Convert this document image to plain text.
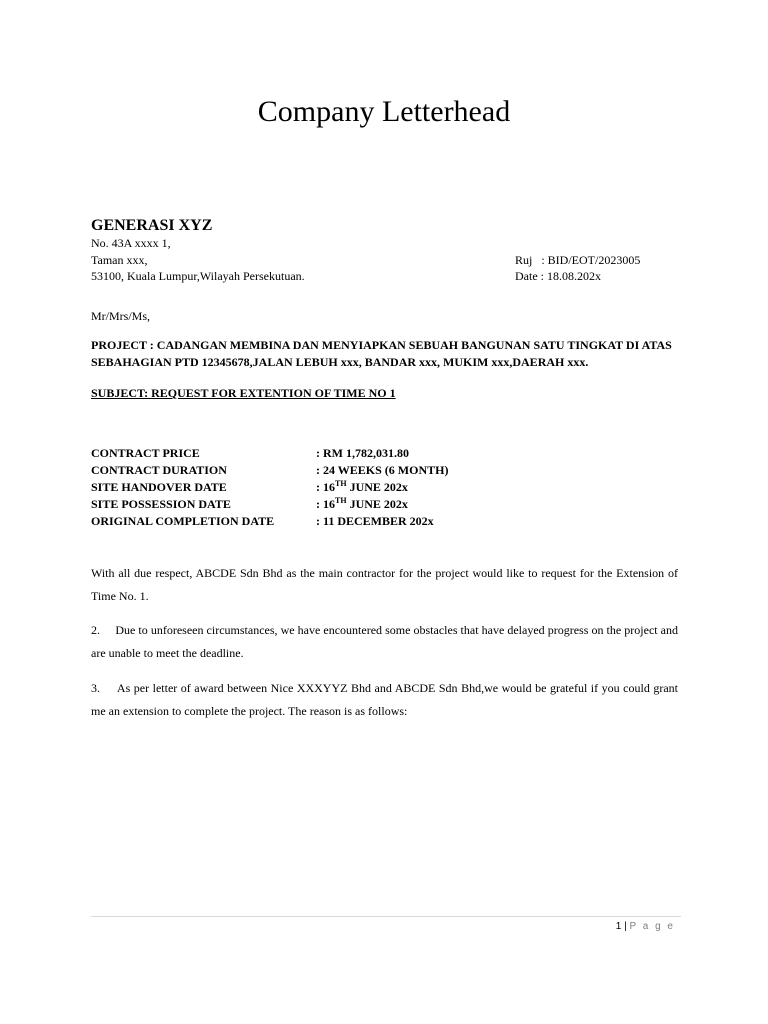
Company Letterhead
GENERASI XYZ
No. 43A xxxx 1,
Taman xxx,
53100, Kuala Lumpur,Wilayah Persekutuan.
Ruj   : BID/EOT/2023005
Date : 18.08.202x
Mr/Mrs/Ms,
PROJECT : CADANGAN MEMBINA DAN MENYIAPKAN SEBUAH BANGUNAN SATU TINGKAT DI ATAS SEBAHAGIAN PTD 12345678,JALAN LEBUH xxx, BANDAR xxx, MUKIM xxx,DAERAH xxx.
SUBJECT: REQUEST FOR EXTENTION OF TIME NO 1
CONTRACT PRICE	: RM 1,782,031.80
CONTRACT DURATION	: 24 WEEKS (6 MONTH)
SITE HANDOVER DATE	: 16TH JUNE 202x
SITE POSSESSION DATE	: 16TH JUNE 202x
ORIGINAL COMPLETION DATE	: 11 DECEMBER 202x
With all due respect, ABCDE Sdn Bhd as the main contractor for the project would like to request for the Extension of Time No. 1.
2.     Due to unforeseen circumstances, we have encountered some obstacles that have delayed progress on the project and are unable to meet the deadline.
3.     As per letter of award between Nice XXXYYZ Bhd and ABCDE Sdn Bhd,we would be grateful if you could grant me an extension to complete the project. The reason is as follows:
1 | P a g e
